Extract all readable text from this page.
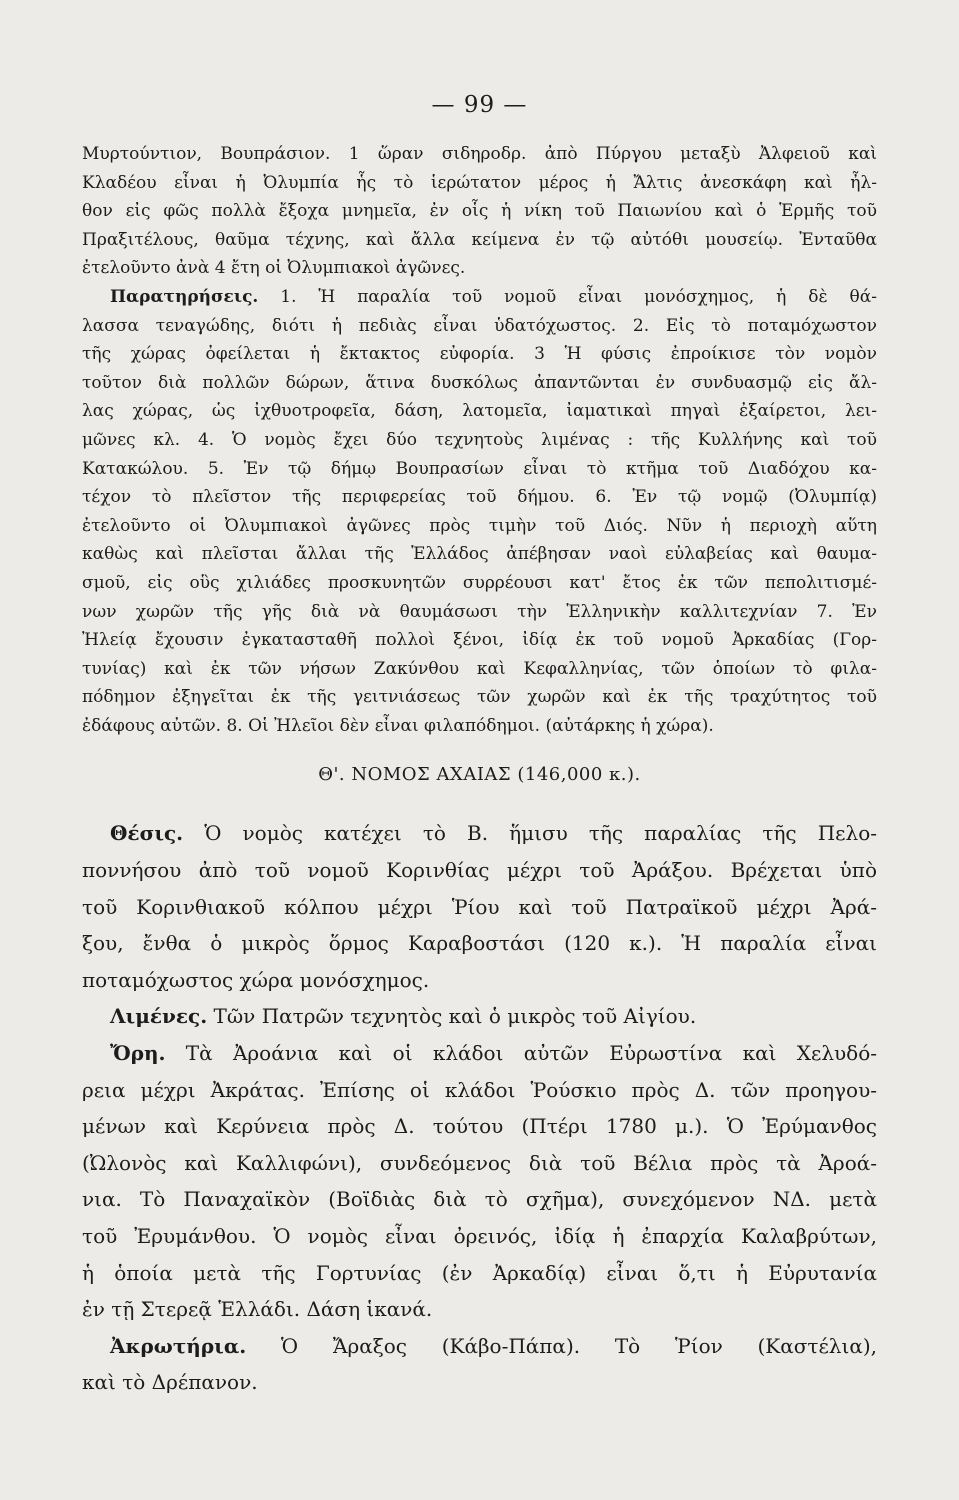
— 99 —
Μυρτούντιον, Βουπράσιον. 1 ὥραν σιδηροδρ. ἀπὸ Πύργου μεταξὺ Ἀλφειοῦ καὶ
Κλαδέου εἶναι ἡ Ὀλυμπία ἧς τὸ ἱερώτατον μέρος ἡ Ἄλτις ἀνεσκάφη καὶ ἦλ-
θον εἰς φῶς πολλὰ ἔξοχα μνημεῖα, ἐν οἷς ἡ νίκη τοῦ Παιωνίου καὶ ὁ Ἑρμῆς τοῦ
Πραξιτέλους, θαῦμα τέχνης, καὶ ἄλλα κείμενα ἐν τῷ αὐτόθι μουσείῳ. Ἐνταῦθα
ἐτελοῦντο ἀνὰ 4 ἔτη οἱ Ὀλυμπιακοὶ ἀγῶνες.
Παρατηρήσεις. 1. Ἡ παραλία τοῦ νομοῦ εἶναι μονόσχημος, ἡ δὲ θά-
λασσα τεναγώδης, διότι ἡ πεδιὰς εἶναι ὑδατόχωστος. 2. Εἰς τὸ ποταμόχωστον
τῆς χώρας ὀφείλεται ἡ ἔκτακτος εὐφορία. 3 Ἡ φύσις ἐπροίκισε τὸν νομὸν
τοῦτον διὰ πολλῶν δώρων, ἅτινα δυσκόλως ἀπαντῶνται ἐν συνδυασμῷ εἰς ἄλ-
λας χώρας, ὡς ἰχθυοτροφεῖα, δάση, λατομεῖα, ἰαματικαὶ πηγαὶ ἐξαίρετοι, λει-
μῶνες κλ. 4. Ὁ νομὸς ἔχει δύο τεχνητοὺς λιμένας : τῆς Κυλλήνης καὶ τοῦ
Κατακώλου. 5. Ἐν τῷ δήμῳ Βουπρασίων εἶναι τὸ κτῆμα τοῦ Διαδόχου κα-
τέχον τὸ πλεῖστον τῆς περιφερείας τοῦ δήμου. 6. Ἐν τῷ νομῷ (Ὀλυμπίᾳ)
ἐτελοῦντο οἱ Ὀλυμπιακοὶ ἀγῶνες πρὸς τιμὴν τοῦ Διός. Νῦν ἡ περιοχὴ αὕτη
καθὼς καὶ πλεῖσται ἄλλαι τῆς Ἑλλάδος ἀπέβησαν ναοὶ εὐλαβείας καὶ θαυμα-
σμοῦ, εἰς οὓς χιλιάδες προσκυνητῶν συρρέουσι κατ' ἔτος ἐκ τῶν πεπολιτισμέ-
νων χωρῶν τῆς γῆς διὰ νὰ θαυμάσωσι τὴν Ἑλληνικὴν καλλιτεχνίαν 7. Ἐν
Ἠλείᾳ ἔχουσιν ἐγκατασταθῆ πολλοὶ ξένοι, ἰδίᾳ ἐκ τοῦ νομοῦ Ἀρκαδίας (Γορ-
τυνίας) καὶ ἐκ τῶν νήσων Ζακύνθου καὶ Κεφαλληνίας, τῶν ὁποίων τὸ φιλα-
πόδημον ἐξηγεῖται ἐκ τῆς γειτνιάσεως τῶν χωρῶν καὶ ἐκ τῆς τραχύτητος τοῦ
ἐδάφους αὐτῶν. 8. Οἱ Ἠλεῖοι δὲν εἶναι φιλαπόδημοι. (αὐτάρκης ἡ χώρα).
Θ'. ΝΟΜΟΣ ΑΧΑΙΑΣ (146,000 κ.).
Θέσις. Ὁ νομὸς κατέχει τὸ Β. ἥμισυ τῆς παραλίας τῆς Πελο-
ποννήσου ἀπὸ τοῦ νομοῦ Κορινθίας μέχρι τοῦ Ἀράξου. Βρέχεται ὑπὸ
τοῦ Κορινθιακοῦ κόλπου μέχρι Ῥίου καὶ τοῦ Πατραϊκοῦ μέχρι Ἀρά-
ξου, ἔνθα ὁ μικρὸς ὅρμος Καραβοστάσι (120 κ.). Ἡ παραλία εἶναι
ποταμόχωστος χώρα μονόσχημος.
Λιμένες. Τῶν Πατρῶν τεχνητὸς καὶ ὁ μικρὸς τοῦ Αἰγίου.
Ὄρη. Τὰ Ἀροάνια καὶ οἱ κλάδοι αὐτῶν Εὐρωστίνα καὶ Χελυδό-
ρεια μέχρι Ἀκράτας. Ἐπίσης οἱ κλάδοι Ῥούσκιο πρὸς Δ. τῶν προηγου-
μένων καὶ Κερύνεια πρὸς Δ. τούτου (Πτέρι 1780 μ.). Ὁ Ἐρύμανθος
(Ὠλονὸς καὶ Καλλιφώνι), συνδεόμενος διὰ τοῦ Βέλια πρὸς τὰ Ἀροά-
νια. Τὸ Παναχαϊκὸν (Βοϊδιὰς διὰ τὸ σχῆμα), συνεχόμενον ΝΔ. μετὰ
τοῦ Ἐρυμάνθου. Ὁ νομὸς εἶναι ὀρεινός, ἰδίᾳ ἡ ἐπαρχία Καλαβρύτων,
ἡ ὁποία μετὰ τῆς Γορτυνίας (ἐν Ἀρκαδίᾳ) εἶναι ὅ,τι ἡ Εὐρυτανία
ἐν τῇ Στερεᾷ Ἑλλάδι. Δάση ἱκανά.
Ἀκρωτήρια. Ὁ Ἄραξος (Κάβο-Πάπα). Τὸ Ῥίον (Καστέλια),
καὶ τὸ Δρέπανον.
